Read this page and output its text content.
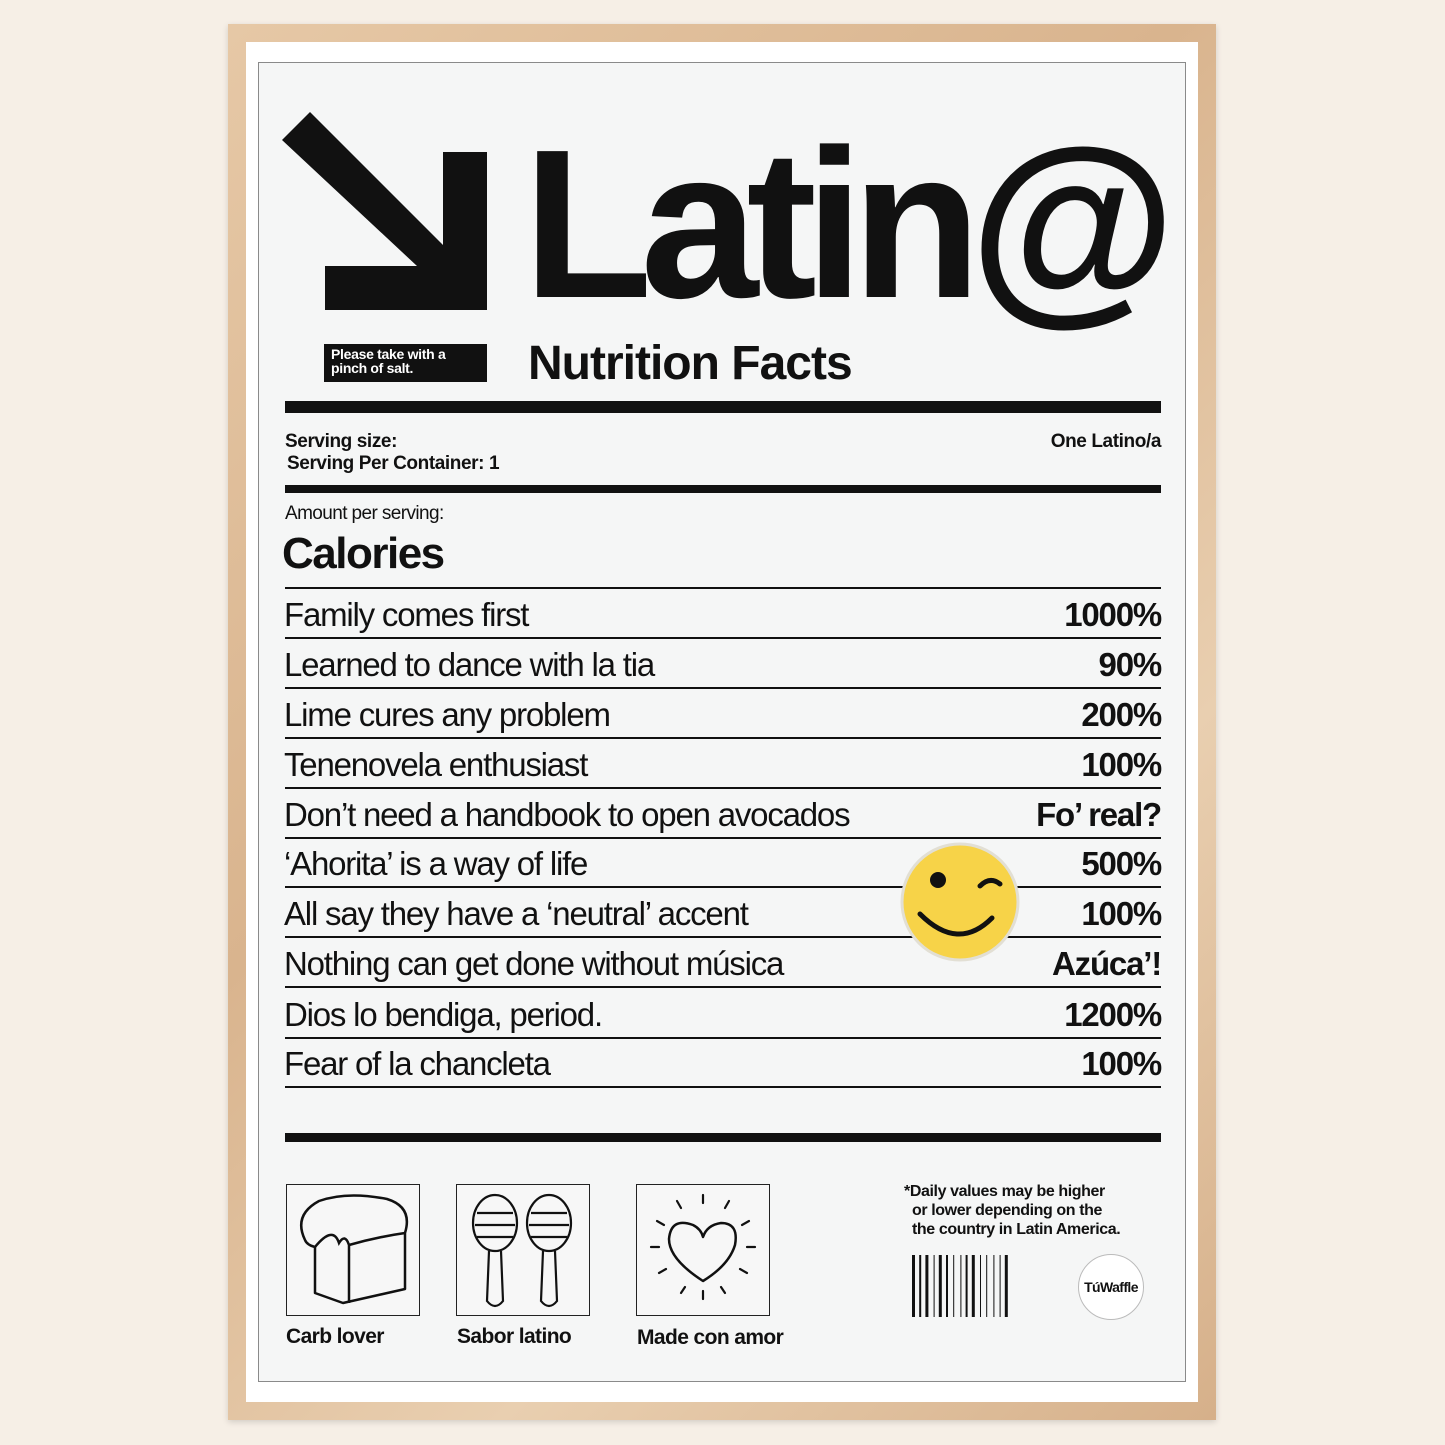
Latin@
Please take with a
pinch of salt.	Nutrition Facts
Serving size:
Serving Per Container: 1
One Latino/a
Amount per serving:
Calories
Family comes first	1000%
Learned to dance with la tia	90%
Lime cures any problem	200%
Tenenovela enthusiast	100%
Don’t need a handbook to open avocados	Fo’ real?
‘Ahorita’ is a way of life	500%
All say they have a ‘neutral’ accent	100%
Nothing can get done without música	Azúca’!
Dios lo bendiga, period.	1200%
Fear of la chancleta	100%
Carb lover	Sabor latino	Made con amor
*Daily values may be higher
or lower depending on the
the country in Latin America.
TúWaffle
